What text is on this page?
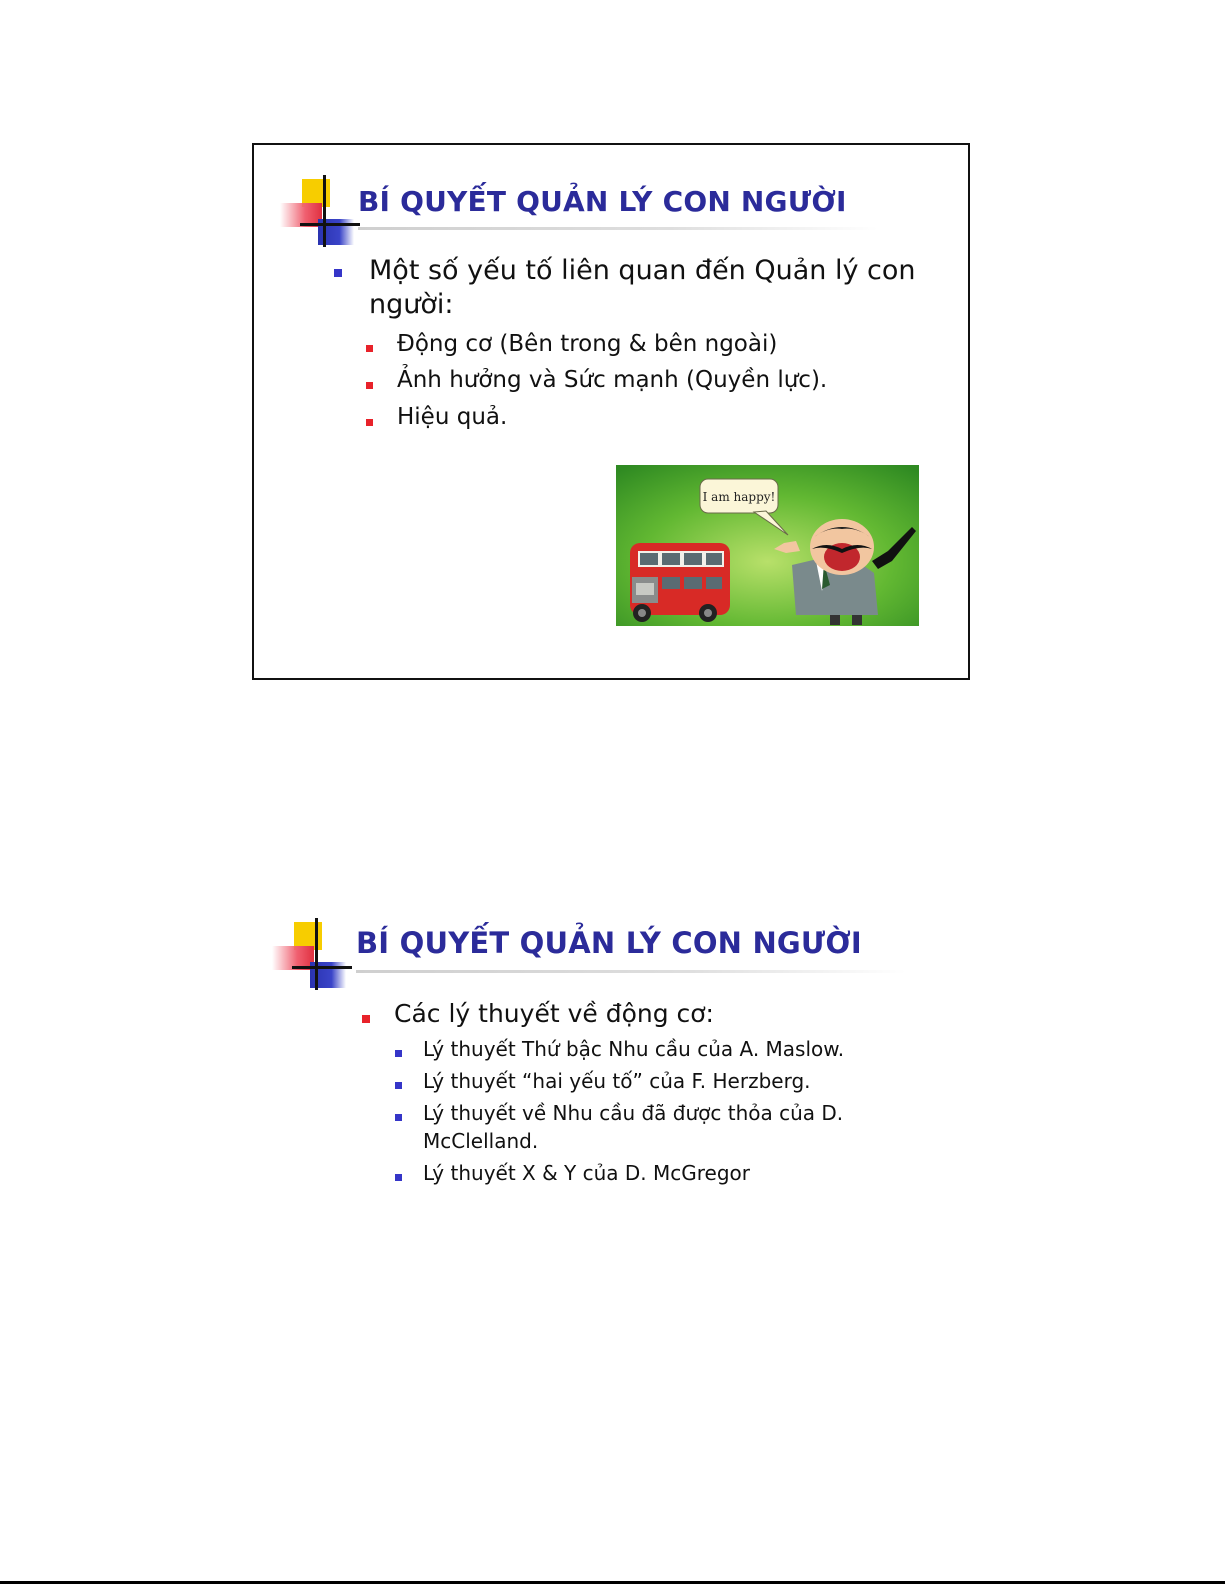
BÍ QUYẾT QUẢN LÝ CON NGƯỜI
Một số yếu tố liên quan đến Quản lý con
người:
Động cơ (Bên trong & bên ngoài)
Ảnh hưởng và Sức mạnh (Quyền lực).
Hiệu quả.
I am happy!
BÍ QUYẾT QUẢN LÝ CON NGƯỜI
Các lý thuyết về động cơ:
Lý thuyết Thứ bậc Nhu cầu của A. Maslow.
Lý thuyết “hai yếu tố” của F. Herzberg.
Lý thuyết về Nhu cầu đã được thỏa của D.
McClelland.
Lý thuyết X & Y của D. McGregor
